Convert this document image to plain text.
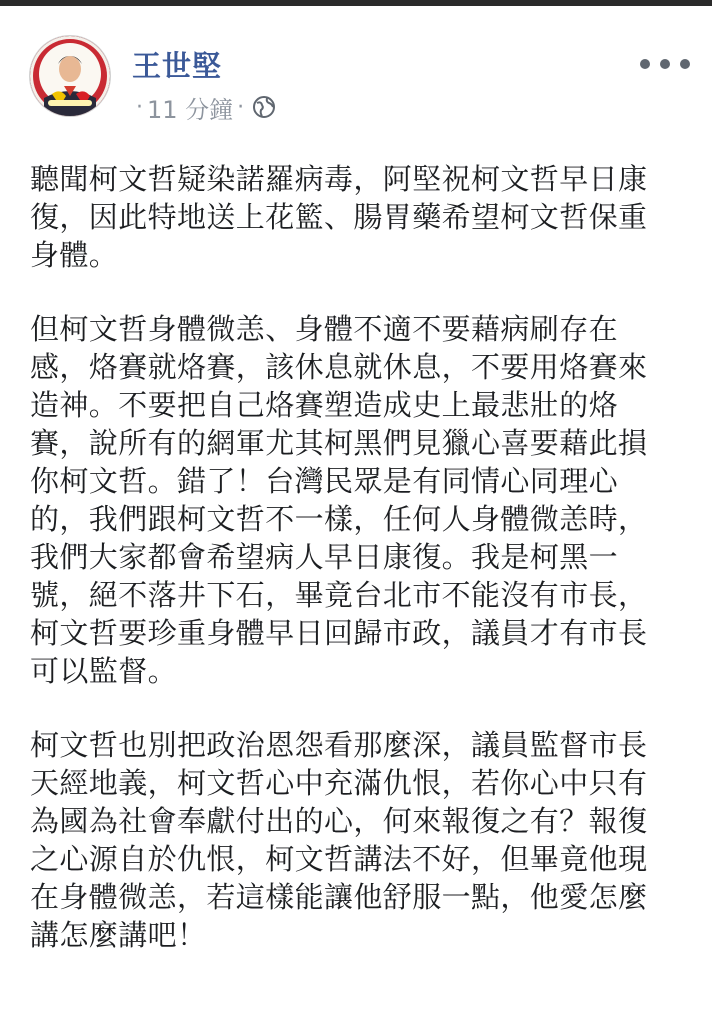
王世堅
· 11 分鐘 ·

聽聞柯文哲疑染諾羅病毒，阿堅祝柯文哲早日康
復，因此特地送上花籃、腸胃藥希望柯文哲保重
身體。

但柯文哲身體微恙、身體不適不要藉病刷存在
感，烙賽就烙賽，該休息就休息，不要用烙賽來
造神。不要把自己烙賽塑造成史上最悲壯的烙
賽，說所有的網軍尤其柯黑們見獵心喜要藉此損
你柯文哲。錯了！台灣民眾是有同情心同理心
的，我們跟柯文哲不一樣，任何人身體微恙時，
我們大家都會希望病人早日康復。我是柯黑一
號，絕不落井下石，畢竟台北市不能沒有市長，
柯文哲要珍重身體早日回歸市政，議員才有市長
可以監督。

柯文哲也別把政治恩怨看那麼深，議員監督市長
天經地義，柯文哲心中充滿仇恨，若你心中只有
為國為社會奉獻付出的心，何來報復之有？報復
之心源自於仇恨，柯文哲講法不好，但畢竟他現
在身體微恙，若這樣能讓他舒服一點，他愛怎麼
講怎麼講吧！
